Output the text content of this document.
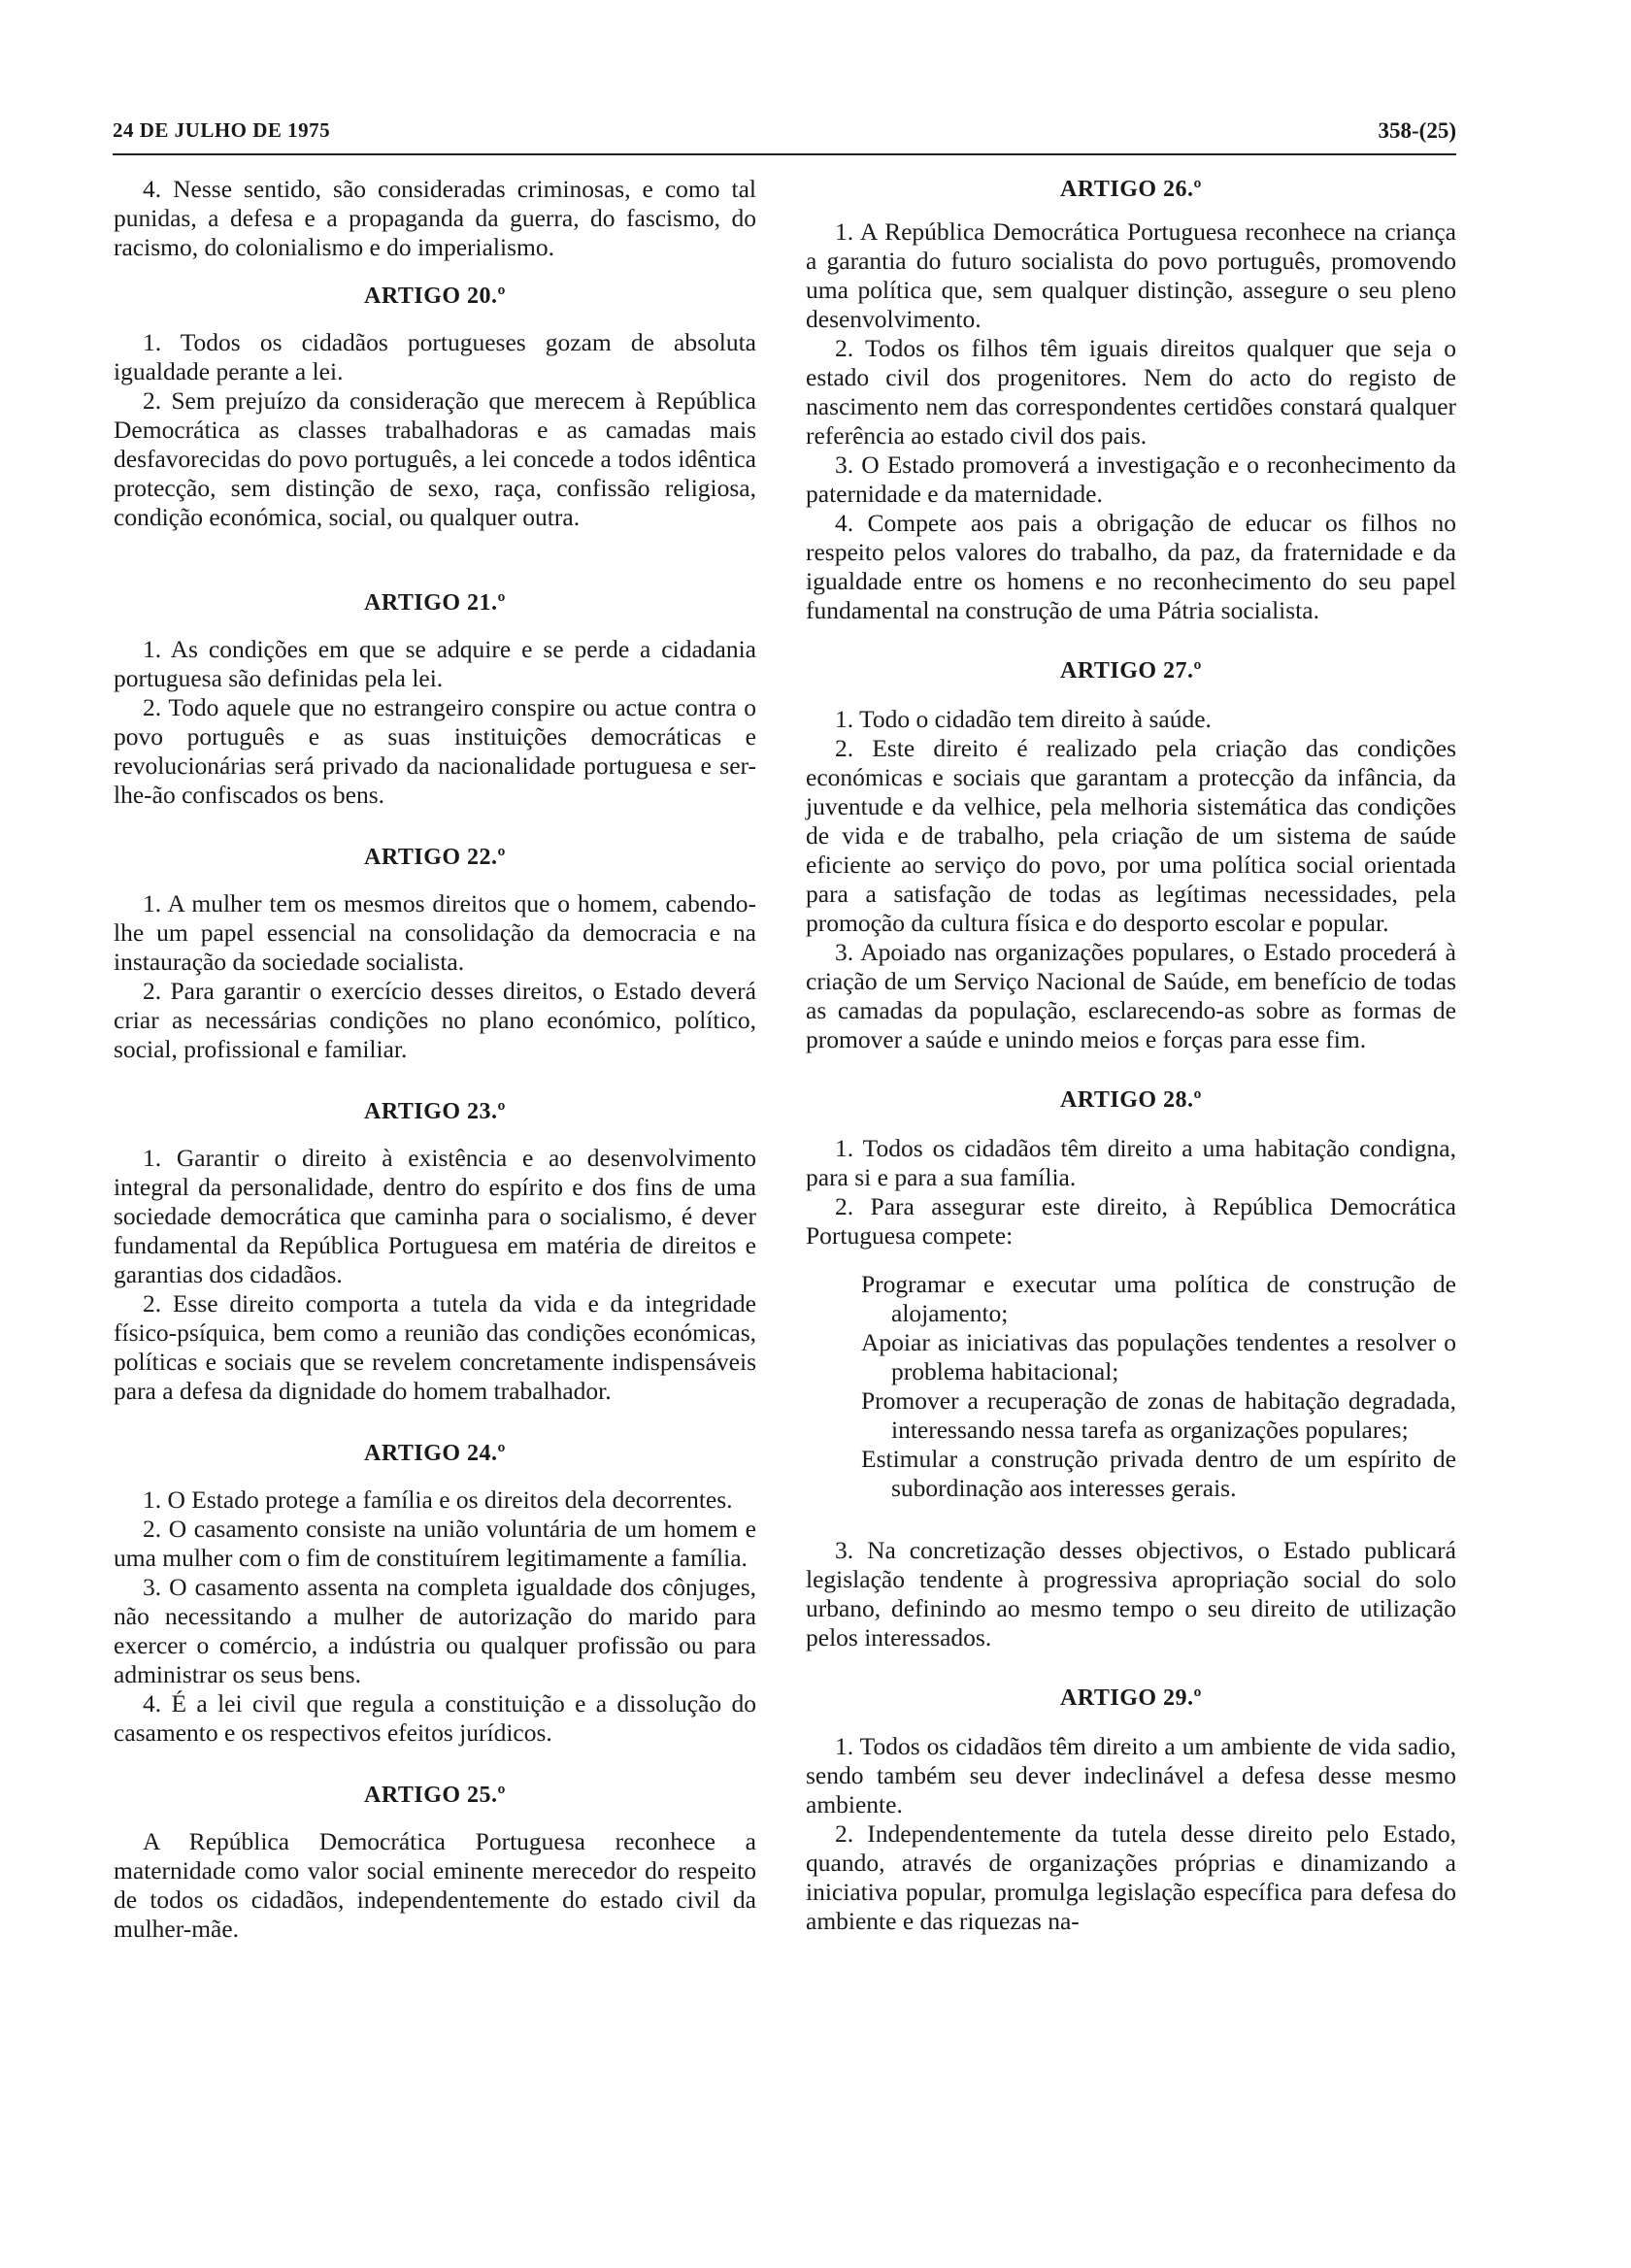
24 DE JULHO DE 1975	358-(25)

4. Nesse sentido, são consideradas criminosas, e como tal punidas, a defesa e a propaganda da guerra, do fascismo, do racismo, do colonialismo e do imperialismo.

ARTIGO 20.º

1. Todos os cidadãos portugueses gozam de absoluta igualdade perante a lei.

2. Sem prejuízo da consideração que merecem à República Democrática as classes trabalhadoras e as camadas mais desfavorecidas do povo português, a lei concede a todos idêntica protecção, sem distinção de sexo, raça, confissão religiosa, condição económica, social, ou qualquer outra.

ARTIGO 21.º

1. As condições em que se adquire e se perde a cidadania portuguesa são definidas pela lei.

2. Todo aquele que no estrangeiro conspire ou actue contra o povo português e as suas instituições democráticas e revolucionárias será privado da nacionalidade portuguesa e ser-lhe-ão confiscados os bens.

ARTIGO 22.º

1. A mulher tem os mesmos direitos que o homem, cabendo-lhe um papel essencial na consolidação da democracia e na instauração da sociedade socialista.

2. Para garantir o exercício desses direitos, o Estado deverá criar as necessárias condições no plano económico, político, social, profissional e familiar.

ARTIGO 23.º

1. Garantir o direito à existência e ao desenvolvimento integral da personalidade, dentro do espírito e dos fins de uma sociedade democrática que caminha para o socialismo, é dever fundamental da República Portuguesa em matéria de direitos e garantias dos cidadãos.

2. Esse direito comporta a tutela da vida e da integridade físico-psíquica, bem como a reunião das condições económicas, políticas e sociais que se revelem concretamente indispensáveis para a defesa da dignidade do homem trabalhador.

ARTIGO 24.º

1. O Estado protege a família e os direitos dela decorrentes.

2. O casamento consiste na união voluntária de um homem e uma mulher com o fim de constituírem legitimamente a família.

3. O casamento assenta na completa igualdade dos cônjuges, não necessitando a mulher de autorização do marido para exercer o comércio, a indústria ou qualquer profissão ou para administrar os seus bens.

4. É a lei civil que regula a constituição e a dissolução do casamento e os respectivos efeitos jurídicos.

ARTIGO 25.º

A República Democrática Portuguesa reconhece a maternidade como valor social eminente merecedor do respeito de todos os cidadãos, independentemente do estado civil da mulher-mãe.

ARTIGO 26.º

1. A República Democrática Portuguesa reconhece na criança a garantia do futuro socialista do povo português, promovendo uma política que, sem qualquer distinção, assegure o seu pleno desenvolvimento.

2. Todos os filhos têm iguais direitos qualquer que seja o estado civil dos progenitores. Nem do acto do registo de nascimento nem das correspondentes certidões constará qualquer referência ao estado civil dos pais.

3. O Estado promoverá a investigação e o reconhecimento da paternidade e da maternidade.

4. Compete aos pais a obrigação de educar os filhos no respeito pelos valores do trabalho, da paz, da fraternidade e da igualdade entre os homens e no reconhecimento do seu papel fundamental na construção de uma Pátria socialista.

ARTIGO 27.º

1. Todo o cidadão tem direito à saúde.

2. Este direito é realizado pela criação das condições económicas e sociais que garantam a protecção da infância, da juventude e da velhice, pela melhoria sistemática das condições de vida e de trabalho, pela criação de um sistema de saúde eficiente ao serviço do povo, por uma política social orientada para a satisfação de todas as legítimas necessidades, pela promoção da cultura física e do desporto escolar e popular.

3. Apoiado nas organizações populares, o Estado procederá à criação de um Serviço Nacional de Saúde, em benefício de todas as camadas da população, esclarecendo-as sobre as formas de promover a saúde e unindo meios e forças para esse fim.

ARTIGO 28.º

1. Todos os cidadãos têm direito a uma habitação condigna, para si e para a sua família.

2. Para assegurar este direito, à República Democrática Portuguesa compete:

Programar e executar uma política de construção de alojamento;
Apoiar as iniciativas das populações tendentes a resolver o problema habitacional;
Promover a recuperação de zonas de habitação degradada, interessando nessa tarefa as organizações populares;
Estimular a construção privada dentro de um espírito de subordinação aos interesses gerais.

3. Na concretização desses objectivos, o Estado publicará legislação tendente à progressiva apropriação social do solo urbano, definindo ao mesmo tempo o seu direito de utilização pelos interessados.

ARTIGO 29.º

1. Todos os cidadãos têm direito a um ambiente de vida sadio, sendo também seu dever indeclinável a defesa desse mesmo ambiente.

2. Independentemente da tutela desse direito pelo Estado, quando, através de organizações próprias e dinamizando a iniciativa popular, promulga legislação específica para defesa do ambiente e das riquezas na-
